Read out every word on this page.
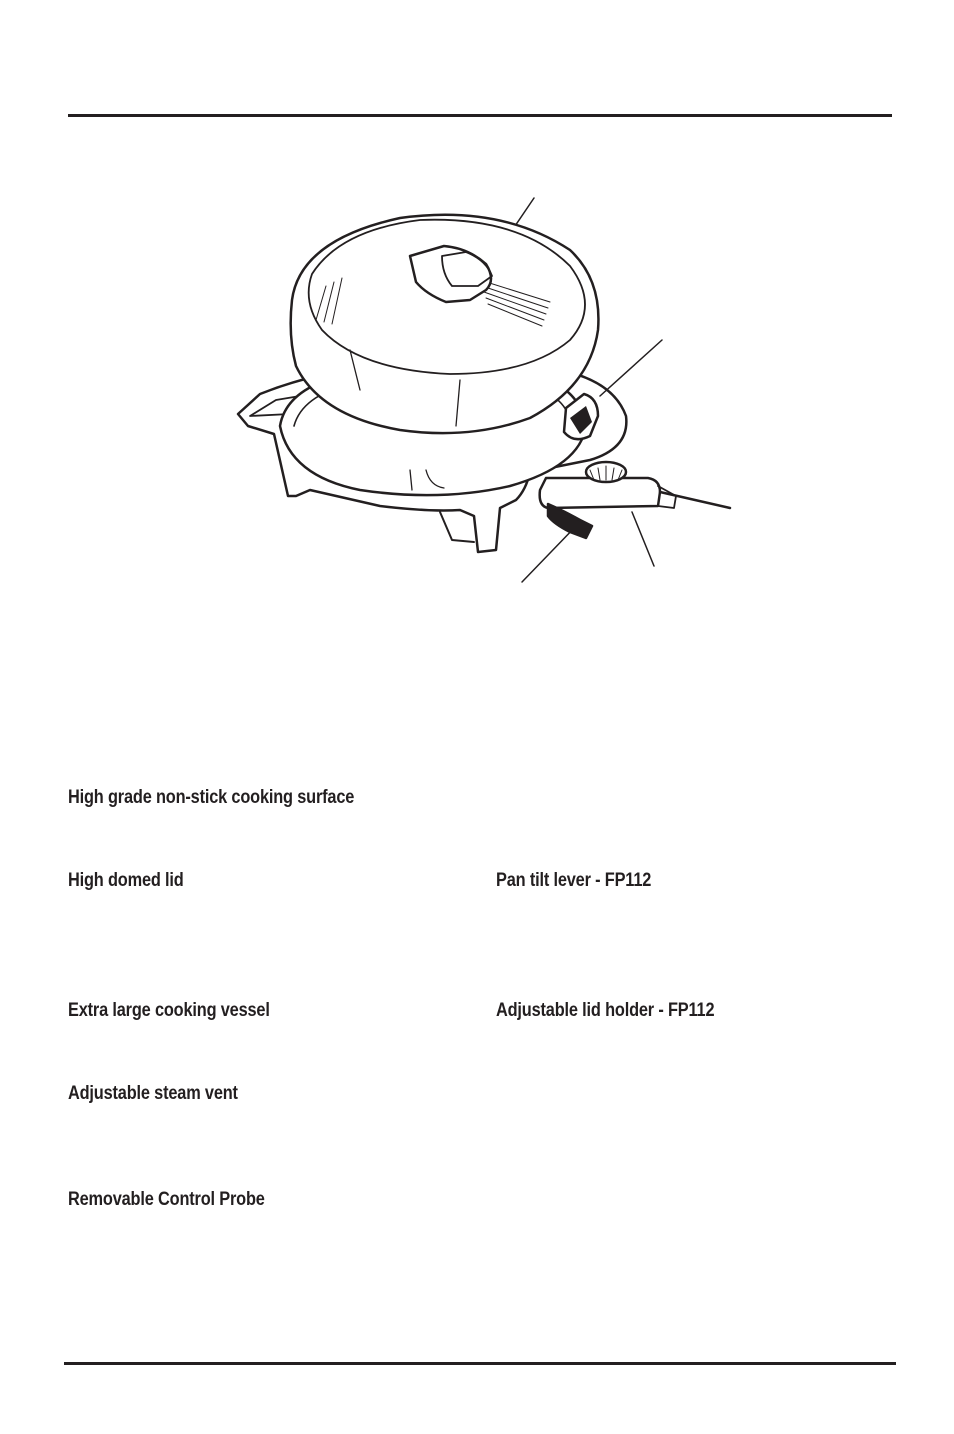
High grade non-stick cooking surface
High domed lid	Pan tilt lever - FP112
Extra large cooking vessel	Adjustable lid holder - FP112
Adjustable steam vent
Removable Control Probe
